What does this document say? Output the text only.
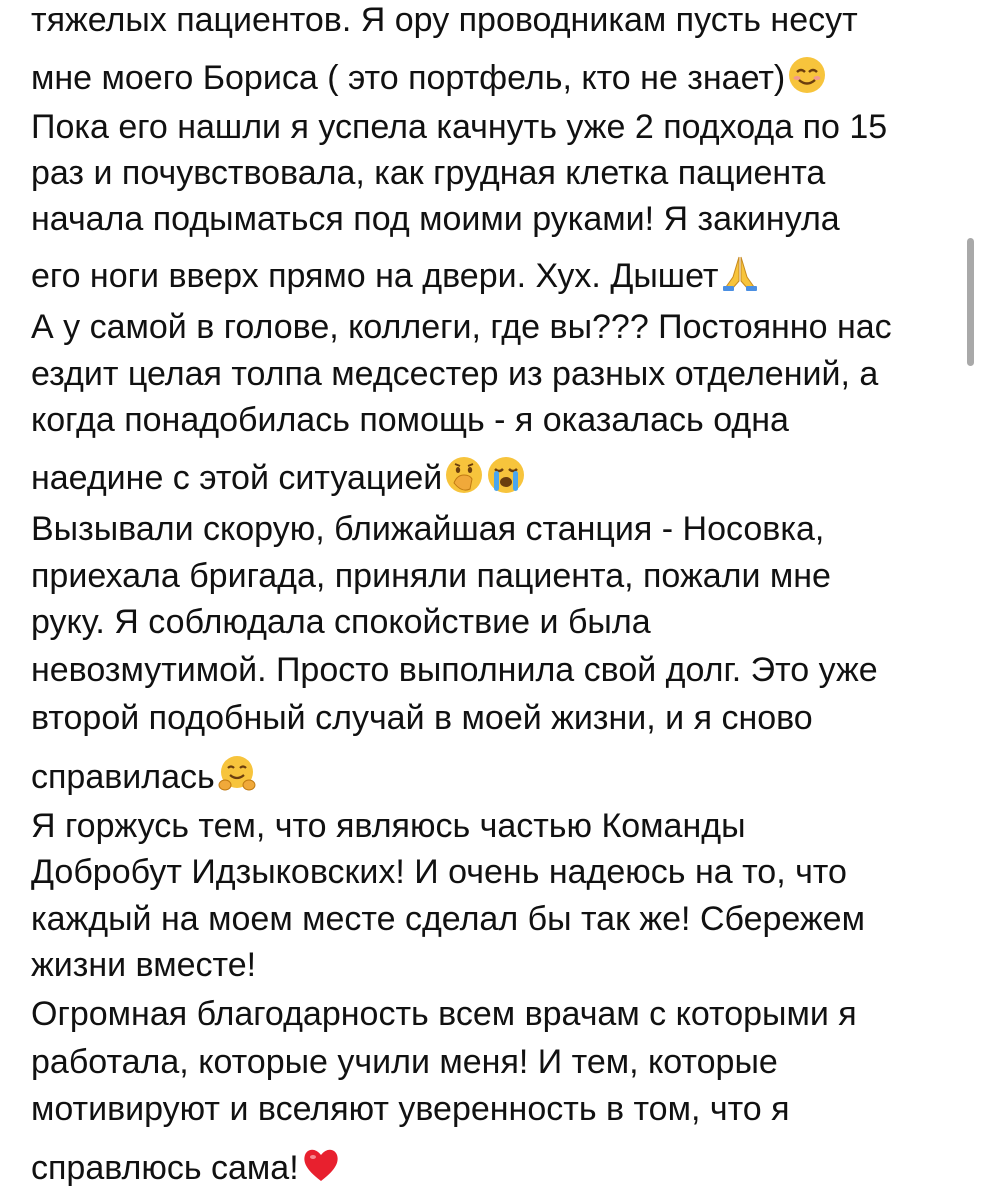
тяжелых пациентов. Я ору проводникам пусть несут
мне моего Бориса ( это портфель, кто не знает)
Пока его нашли я успела качнуть уже 2 подхода по 15
раз и почувствовала, как грудная клетка пациента
начала подыматься под моими руками! Я закинула
его ноги вверх прямо на двери. Хух. Дышет
А у самой в голове, коллеги, где вы??? Постоянно нас
ездит целая толпа медсестер из разных отделений, а
когда понадобилась помощь - я оказалась одна
наедине с этой ситуацией
Вызывали скорую, ближайшая станция - Носовка,
приехала бригада, приняли пациента, пожали мне
руку. Я соблюдала спокойствие и была
невозмутимой. Просто выполнила свой долг. Это уже
второй подобный случай в моей жизни, и я сново
справилась
Я горжусь тем, что являюсь частью Команды
Добробут Идзыковских! И очень надеюсь на то, что
каждый на моем месте сделал бы так же! Сбережем
жизни вместе!
Огромная благодарность всем врачам с которыми я
работала, которые учили меня! И тем, которые
мотивируют и вселяют уверенность в том, что я
справлюсь сама!
